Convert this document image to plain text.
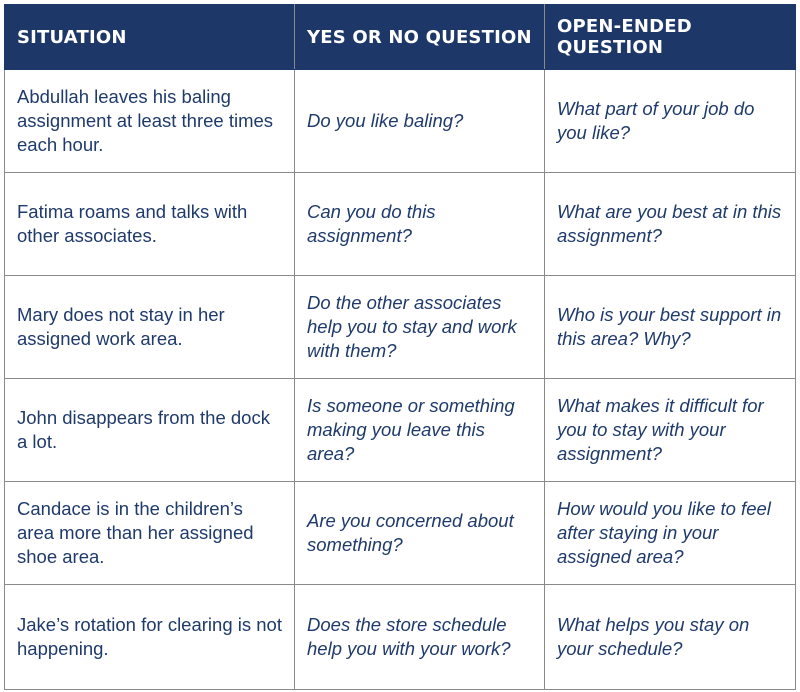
SITUATION	YES OR NO QUESTION	OPEN-ENDED QUESTION
Abdullah leaves his baling assignment at least three times each hour.	Do you like baling?	What part of your job do you like?
Fatima roams and talks with other associates.	Can you do this assignment?	What are you best at in this assignment?
Mary does not stay in her assigned work area.	Do the other associates help you to stay and work with them?	Who is your best support in this area? Why?
John disappears from the dock a lot.	Is someone or something making you leave this area?	What makes it difficult for you to stay with your assignment?
Candace is in the children’s area more than her assigned shoe area.	Are you concerned about something?	How would you like to feel after staying in your assigned area?
Jake’s rotation for clearing is not happening.	Does the store schedule help you with your work?	What helps you stay on your schedule?
